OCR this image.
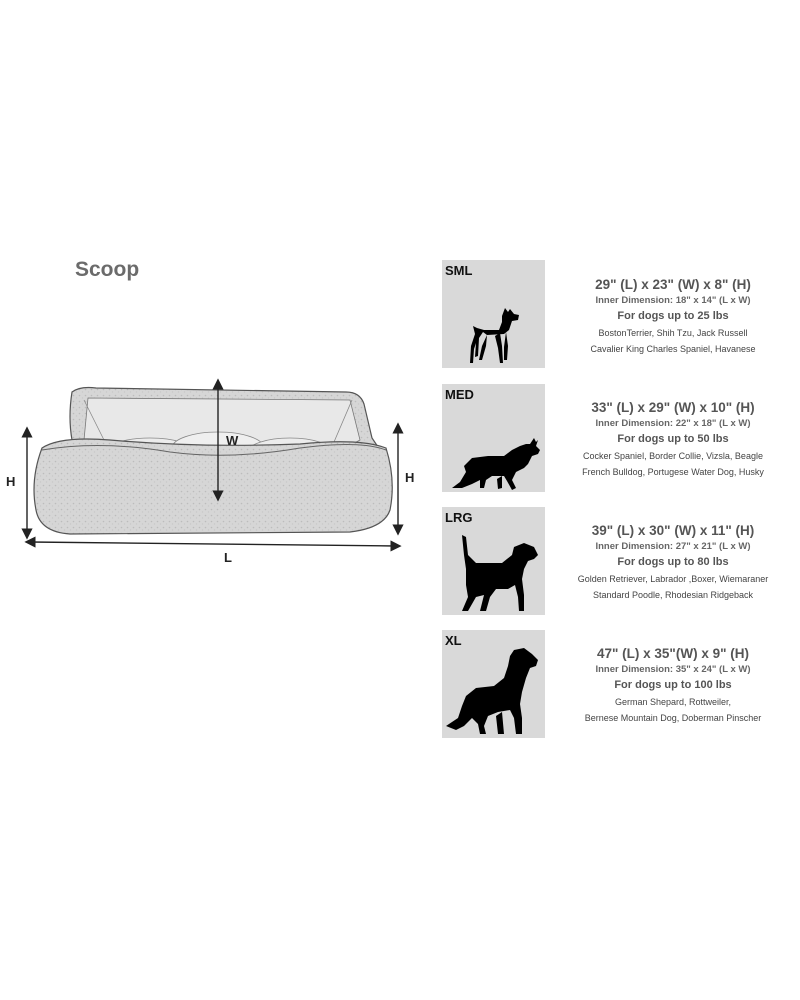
Scoop
W
H	H
L
SML
29" (L) x 23" (W) x 8" (H)
Inner Dimension: 18" x 14" (L x W)
For dogs up to 25 lbs
BostonTerrier, Shih Tzu, Jack Russell
Cavalier King Charles Spaniel, Havanese
MED
33" (L) x 29" (W) x 10" (H)
Inner Dimension: 22" x 18" (L x W)
For dogs up to 50 lbs
Cocker Spaniel, Border Collie, Vizsla, Beagle
French Bulldog, Portugese Water Dog, Husky
LRG
39" (L) x 30" (W) x 11" (H)
Inner Dimension: 27" x 21" (L x W)
For dogs up to 80 lbs
Golden Retriever, Labrador ,Boxer, Wiemaraner
Standard Poodle, Rhodesian Ridgeback
XL
47" (L) x 35"(W) x 9" (H)
Inner Dimension: 35" x 24" (L x W)
For dogs up to 100 lbs
German Shepard, Rottweiler,
Bernese Mountain Dog, Doberman Pinscher
